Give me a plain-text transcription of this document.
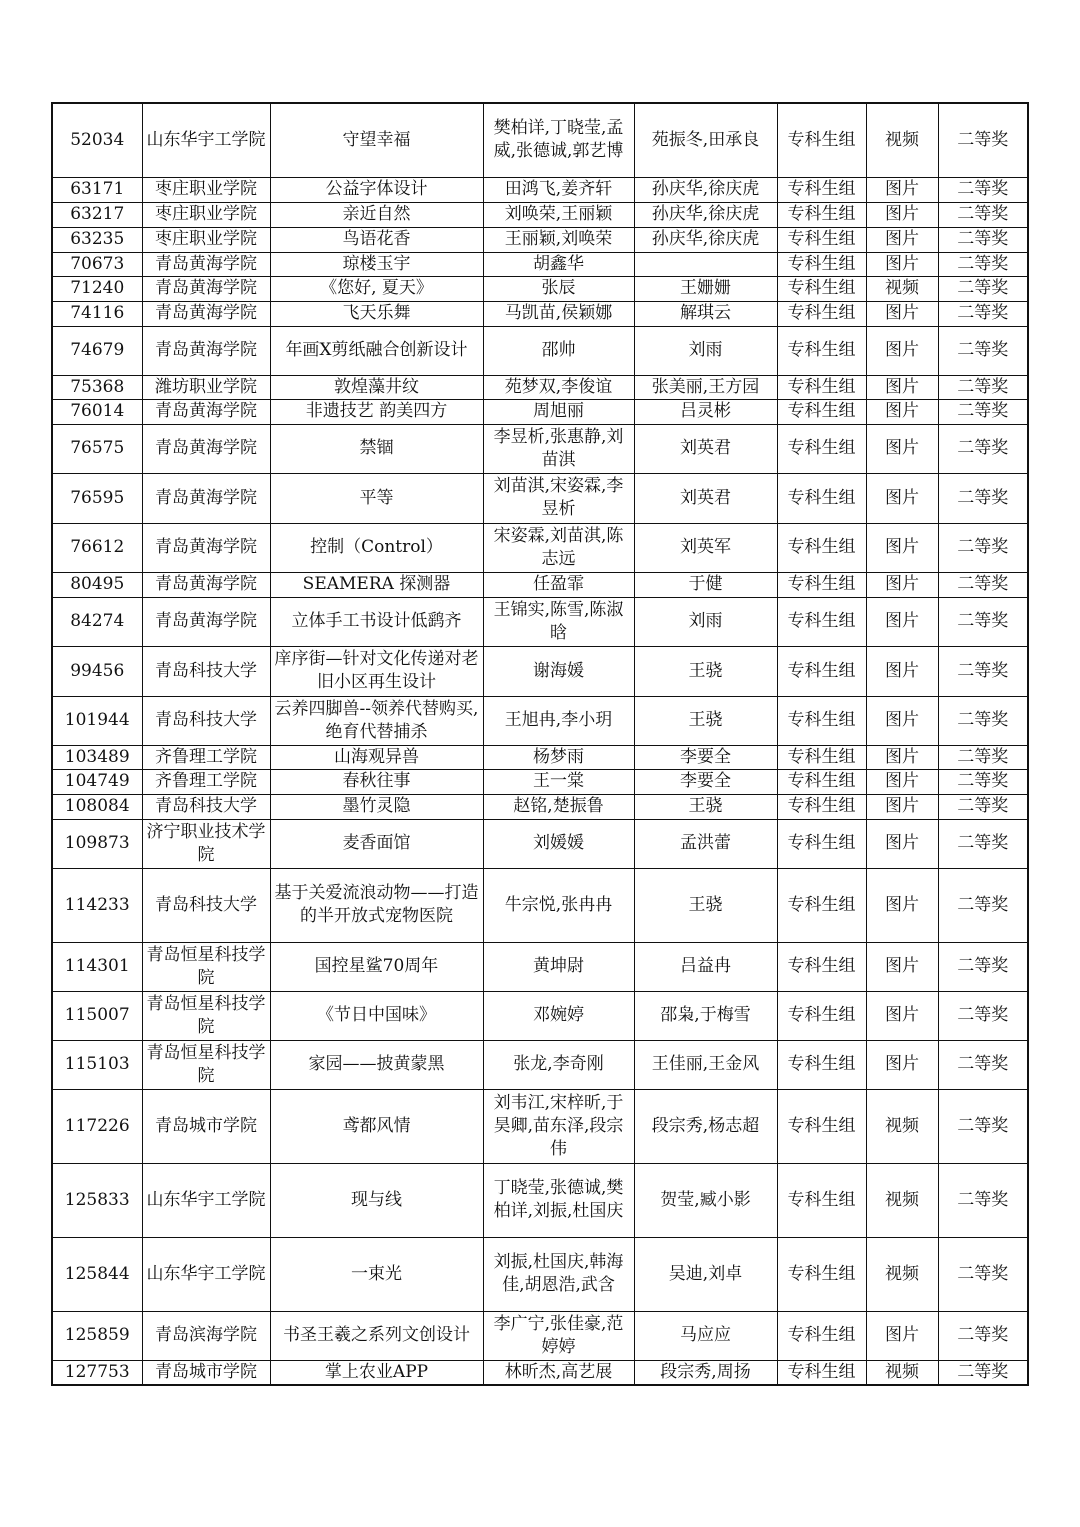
52034	山东华宇工学院	守望幸福	樊柏详,丁晓莹,孟威,张德诚,郭艺博	苑振冬,田承良	专科生组	视频	二等奖
63171	枣庄职业学院	公益字体设计	田鸿飞,姜齐轩	孙庆华,徐庆虎	专科生组	图片	二等奖
63217	枣庄职业学院	亲近自然	刘唤荣,王丽颖	孙庆华,徐庆虎	专科生组	图片	二等奖
63235	枣庄职业学院	鸟语花香	王丽颖,刘唤荣	孙庆华,徐庆虎	专科生组	图片	二等奖
70673	青岛黄海学院	琼楼玉宇	胡鑫华		专科生组	图片	二等奖
71240	青岛黄海学院	《您好, 夏天》	张辰	王姗姗	专科生组	视频	二等奖
74116	青岛黄海学院	飞天乐舞	马凯苗,侯颖娜	解琪云	专科生组	图片	二等奖
74679	青岛黄海学院	年画X剪纸融合创新设计	邵帅	刘雨	专科生组	图片	二等奖
75368	潍坊职业学院	敦煌藻井纹	苑梦双,李俊谊	张美丽,王方园	专科生组	图片	二等奖
76014	青岛黄海学院	非遗技艺 韵美四方	周旭丽	吕灵彬	专科生组	图片	二等奖
76575	青岛黄海学院	禁锢	李昱析,张惠静,刘苗淇	刘英君	专科生组	图片	二等奖
76595	青岛黄海学院	平等	刘苗淇,宋姿霖,李昱析	刘英君	专科生组	图片	二等奖
76612	青岛黄海学院	控制（Control）	宋姿霖,刘苗淇,陈志远	刘英军	专科生组	图片	二等奖
80495	青岛黄海学院	SEAMERA 探测器	任盈霏	于健	专科生组	图片	二等奖
84274	青岛黄海学院	立体手工书设计低鹞齐	王锦实,陈雪,陈淑晗	刘雨	专科生组	图片	二等奖
99456	青岛科技大学	庠序街—针对文化传递对老旧小区再生设计	谢海媛	王骁	专科生组	图片	二等奖
101944	青岛科技大学	云养四脚兽--领养代替购买, 绝育代替捕杀	王旭冉,李小玥	王骁	专科生组	图片	二等奖
103489	齐鲁理工学院	山海观异兽	杨梦雨	李要全	专科生组	图片	二等奖
104749	齐鲁理工学院	春秋往事	王一棠	李要全	专科生组	图片	二等奖
108084	青岛科技大学	墨竹灵隐	赵铭,楚振鲁	王骁	专科生组	图片	二等奖
109873	济宁职业技术学院	麦香面馆	刘媛媛	孟洪蕾	专科生组	图片	二等奖
114233	青岛科技大学	基于关爱流浪动物——打造的半开放式宠物医院	牛宗悦,张冉冉	王骁	专科生组	图片	二等奖
114301	青岛恒星科技学院	国控星鲨70周年	黄坤尉	吕益冉	专科生组	图片	二等奖
115007	青岛恒星科技学院	《节日中国味》	邓婉婷	邵枭,于梅雪	专科生组	图片	二等奖
115103	青岛恒星科技学院	家园——披黄蒙黑	张龙,李奇刚	王佳丽,王金风	专科生组	图片	二等奖
117226	青岛城市学院	鸢都风情	刘韦江,宋梓昕,于昊卿,苗东泽,段宗伟	段宗秀,杨志超	专科生组	视频	二等奖
125833	山东华宇工学院	现与线	丁晓莹,张德诚,樊柏详,刘振,杜国庆	贺莹,臧小影	专科生组	视频	二等奖
125844	山东华宇工学院	一束光	刘振,杜国庆,韩海佳,胡恩浩,武含	吴迪,刘卓	专科生组	视频	二等奖
125859	青岛滨海学院	书圣王羲之系列文创设计	李广宁,张佳豪,范婷婷	马应应	专科生组	图片	二等奖
127753	青岛城市学院	掌上农业APP	林昕杰,高艺展	段宗秀,周扬	专科生组	视频	二等奖
